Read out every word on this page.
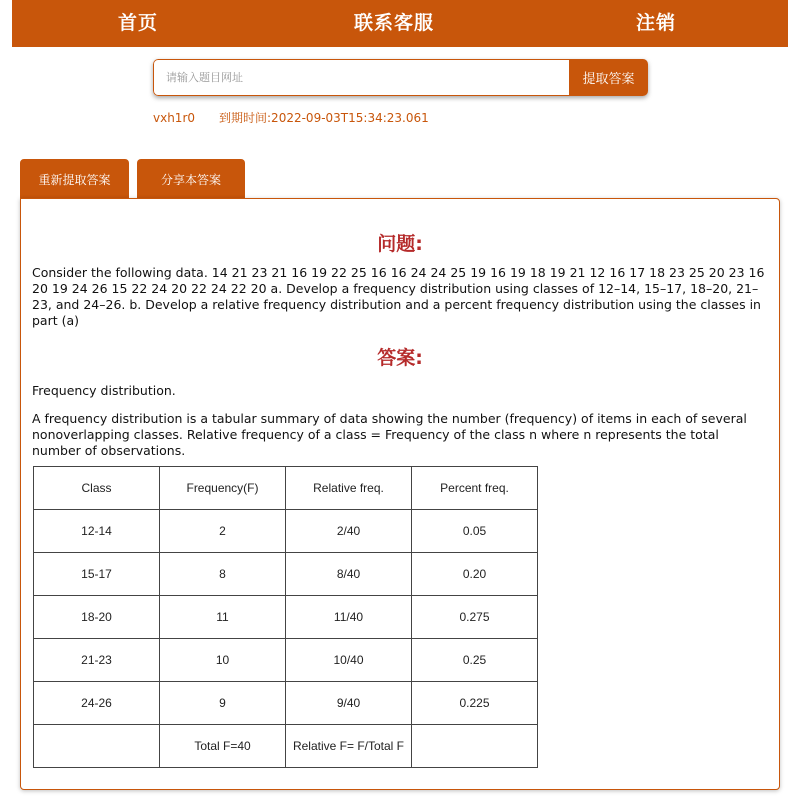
首页	联系客服	注销
请输入题目网址
提取答案
vxh1r0 到期时间:2022-09-03T15:34:23.061
重新提取答案	分享本答案
问题:

Consider the following data. 14 21 23 21 16 19 22 25 16 16 24 24 25 19 16 19 18 19 21 12 16 17 18 23 25 20 23 16 20 19 24 26 15 22 24 20 22 24 22 20 a. Develop a frequency distribution using classes of 12–14, 15–17, 18–20, 21–23, and 24–26. b. Develop a relative frequency distribution and a percent frequency distribution using the classes in part (a)

答案:

Frequency distribution.

A frequency distribution is a tabular summary of data showing the number (frequency) of items in each of several nonoverlapping classes. Relative frequency of a class = Frequency of the class n where n represents the total number of observations.

Class	Frequency(F)	Relative freq.	Percent freq.
12-14	2	2/40	0.05
15-17	8	8/40	0.20
18-20	11	11/40	0.275
21-23	10	10/40	0.25
24-26	9	9/40	0.225
	Total F=40	Relative F= F/Total F	
